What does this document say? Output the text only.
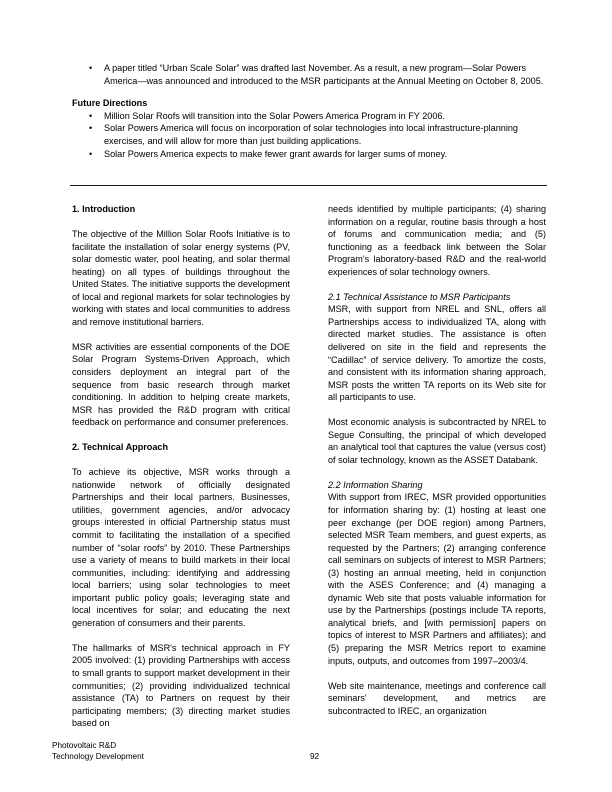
• A paper titled “Urban Scale Solar” was drafted last November. As a result, a new program—Solar Powers America—was announced and introduced to the MSR participants at the Annual Meeting on October 8, 2005.
Future Directions
• Million Solar Roofs will transition into the Solar Powers America Program in FY 2006.
• Solar Powers America will focus on incorporation of solar technologies into local infrastructure-planning exercises, and will allow for more than just building applications.
• Solar Powers America expects to make fewer grant awards for larger sums of money.
1. Introduction

The objective of the Million Solar Roofs Initiative is to facilitate the installation of solar energy systems (PV, solar domestic water, pool heating, and solar thermal heating) on all types of buildings throughout the United States. The initiative supports the development of local and regional markets for solar technologies by working with states and local communities to address and remove institutional barriers.

MSR activities are essential components of the DOE Solar Program Systems-Driven Approach, which considers deployment an integral part of the sequence from basic research through market conditioning. In addition to helping create markets, MSR has provided the R&D program with critical feedback on performance and consumer preferences.

2. Technical Approach

To achieve its objective, MSR works through a nationwide network of officially designated Partnerships and their local partners. Businesses, utilities, government agencies, and/or advocacy groups interested in official Partnership status must commit to facilitating the installation of a specified number of “solar roofs” by 2010. These Partnerships use a variety of means to build markets in their local communities, including: identifying and addressing local barriers; using solar technologies to meet important public policy goals; leveraging state and local incentives for solar; and educating the next generation of consumers and their parents.

The hallmarks of MSR's technical approach in FY 2005 involved: (1) providing Partnerships with access to small grants to support market development in their communities; (2) providing individualized technical assistance (TA) to Partners on request by their participating members; (3) directing market studies based on

needs identified by multiple participants; (4) sharing information on a regular, routine basis through a host of forums and communication media; and (5) functioning as a feedback link between the Solar Program's laboratory-based R&D and the real-world experiences of solar technology owners.

2.1 Technical Assistance to MSR Participants

MSR, with support from NREL and SNL, offers all Partnerships access to individualized TA, along with directed market studies. The assistance is often delivered on site in the field and represents the “Cadillac” of service delivery. To amortize the costs, and consistent with its information sharing approach, MSR posts the written TA reports on its Web site for all participants to use.

Most economic analysis is subcontracted by NREL to Segue Consulting, the principal of which developed an analytical tool that captures the value (versus cost) of solar technology, known as the ASSET Databank.

2.2 Information Sharing

With support from IREC, MSR provided opportunities for information sharing by: (1) hosting at least one peer exchange (per DOE region) among Partners, selected MSR Team members, and guest experts, as requested by the Partners; (2) arranging conference call seminars on subjects of interest to MSR Partners; (3) hosting an annual meeting, held in conjunction with the ASES Conference; and (4) managing a dynamic Web site that posts valuable information for use by the Partnerships (postings include TA reports, analytical briefs, and [with permission] papers on topics of interest to MSR Partners and affiliates); and (5) preparing the MSR Metrics report to examine inputs, outputs, and outcomes from 1997–2003/4.

Web site maintenance, meetings and conference call seminars' development, and metrics are subcontracted to IREC, an organization

Photovoltaic R&D
Technology Development	92
